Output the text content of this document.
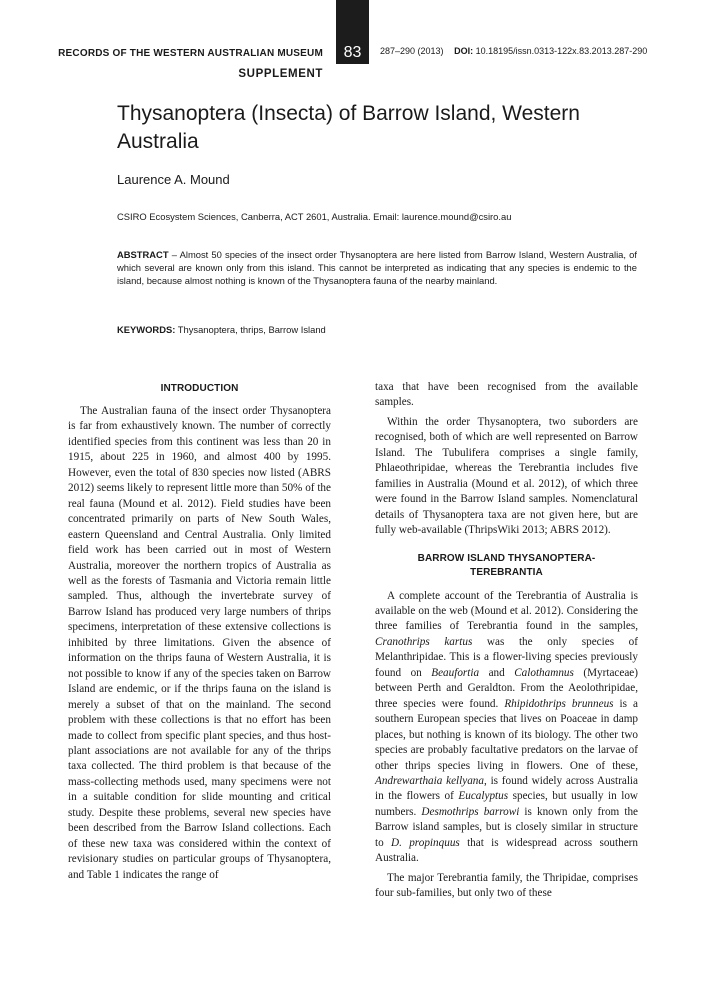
RECORDS OF THE WESTERN AUSTRALIAN MUSEUM
SUPPLEMENT
83 287–290 (2013) DOI: 10.18195/issn.0313-122x.83.2013.287-290
Thysanoptera (Insecta) of Barrow Island, Western Australia

Laurence A. Mound

CSIRO Ecosystem Sciences, Canberra, ACT 2601, Australia. Email: laurence.mound@csiro.au

ABSTRACT – Almost 50 species of the insect order Thysanoptera are here listed from Barrow Island, Western Australia, of which several are known only from this island. This cannot be interpreted as indicating that any species is endemic to the island, because almost nothing is known of the Thysanoptera fauna of the nearby mainland.

KEYWORDS: Thysanoptera, thrips, Barrow Island

INTRODUCTION

The Australian fauna of the insect order Thysanoptera is far from exhaustively known. The number of correctly identified species from this continent was less than 20 in 1915, about 225 in 1960, and almost 400 by 1995. However, even the total of 830 species now listed (ABRS 2012) seems likely to represent little more than 50% of the real fauna (Mound et al. 2012). Field studies have been concentrated primarily on parts of New South Wales, eastern Queensland and Central Australia. Only limited field work has been carried out in most of Western Australia, moreover the northern tropics of Australia as well as the forests of Tasmania and Victoria remain little sampled. Thus, although the invertebrate survey of Barrow Island has produced very large numbers of thrips specimens, interpretation of these extensive collections is inhibited by three limitations. Given the absence of information on the thrips fauna of Western Australia, it is not possible to know if any of the species taken on Barrow Island are endemic, or if the thrips fauna on the island is merely a subset of that on the mainland. The second problem with these collections is that no effort has been made to collect from specific plant species, and thus host-plant associations are not available for any of the thrips taxa collected. The third problem is that because of the mass-collecting methods used, many specimens were not in a suitable condition for slide mounting and critical study. Despite these problems, several new species have been described from the Barrow Island collections. Each of these new taxa was considered within the context of revisionary studies on particular groups of Thysanoptera, and Table 1 indicates the range of

taxa that have been recognised from the available samples.

Within the order Thysanoptera, two suborders are recognised, both of which are well represented on Barrow Island. The Tubulifera comprises a single family, Phlaeothripidae, whereas the Terebrantia includes five families in Australia (Mound et al. 2012), of which three were found in the Barrow Island samples. Nomenclatural details of Thysanoptera taxa are not given here, but are fully web-available (ThripsWiki 2013; ABRS 2012).

BARROW ISLAND THYSANOPTERA-
TEREBRANTIA

A complete account of the Terebrantia of Australia is available on the web (Mound et al. 2012). Considering the three families of Terebrantia found in the samples, Cranothrips kartus was the only species of Melanthripidae. This is a flower-living species previously found on Beaufortia and Calothamnus (Myrtaceae) between Perth and Geraldton. From the Aeolothripidae, three species were found. Rhipidothrips brunneus is a southern European species that lives on Poaceae in damp places, but nothing is known of its biology. The other two species are probably facultative predators on the larvae of other thrips species living in flowers. One of these, Andrewarthaia kellyana, is found widely across Australia in the flowers of Eucalyptus species, but usually in low numbers. Desmothrips barrowi is known only from the Barrow island samples, but is closely similar in structure to D. propinquus that is widespread across southern Australia.

The major Terebrantia family, the Thripidae, comprises four sub-families, but only two of these
